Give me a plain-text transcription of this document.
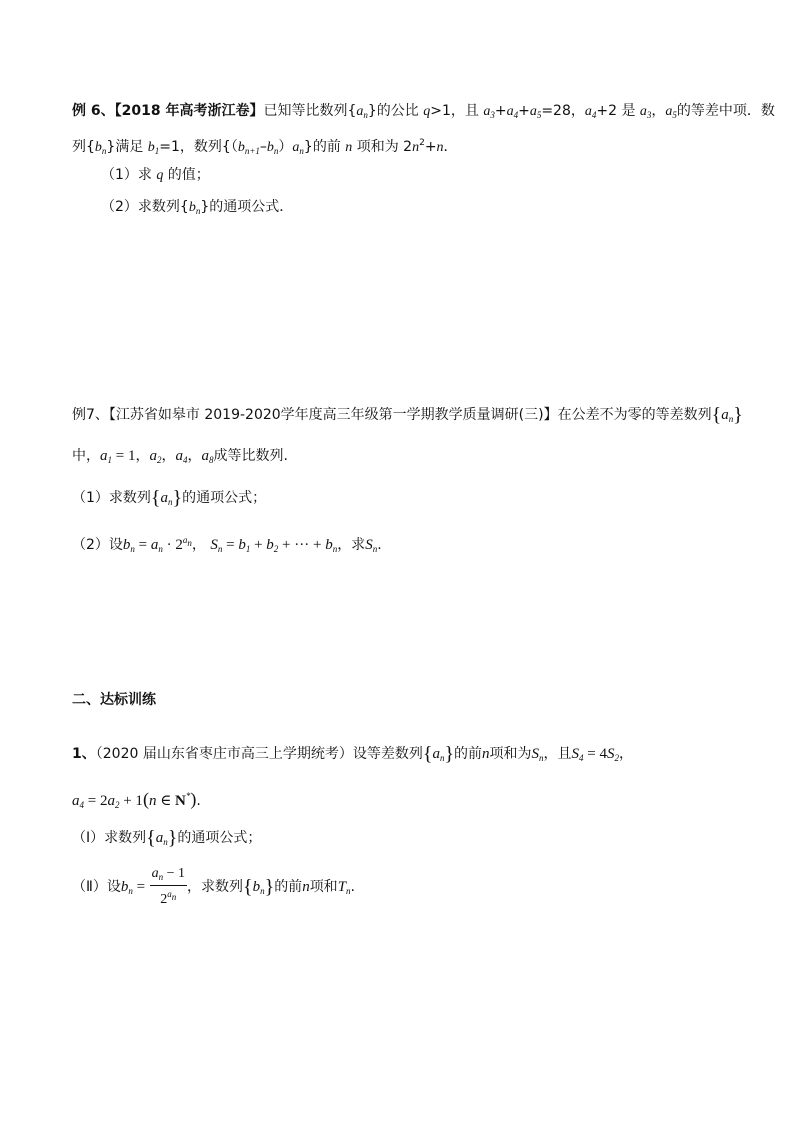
例 6、【2018 年高考浙江卷】已知等比数列$\{a_n\}$的公比 q>1，且 $a_3+a_4+a_5=28$，$a_4+2$ 是 $a_3$，$a_5$的等差中项．数
列$\{b_n\}$满足 $b_1=1$，数列$\{(b_{n+1}-b_n)a_n\}$的前 n 项和为 $2n^2+n$．
（1）求 q 的值；
（2）求数列$\{b_n\}$的通项公式．
例7、【江苏省如皋市 2019-2020学年度高三年级第一学期教学质量调研(三)】在公差不为零的等差数列$\{a_n\}$
中，$a_1 = 1$，$a_2$，$a_4$，$a_8$成等比数列.
（1）求数列$\{a_n\}$的通项公式；
（2）设$b_n = a_n \cdot 2^{a_n}$， $S_n = b_1 + b_2$ + ··· + $b_n$，求$S_n$.
二、达标训练
1、（2020 届山东省枣庄市高三上学期统考）设等差数列$\{a_n\}$的前n项和为$S_n$，且$S_4 = 4S_2$，
$a_4 = 2a_2 + 1(n$ ∈ N*).
（Ⅰ）求数列$\{a_n\}$的通项公式；
（Ⅱ）设$b_n = \frac{a_n - 1}{2^{a_n}}$ ，求数列$\{b_n\}$的前n项和$T_n$.
